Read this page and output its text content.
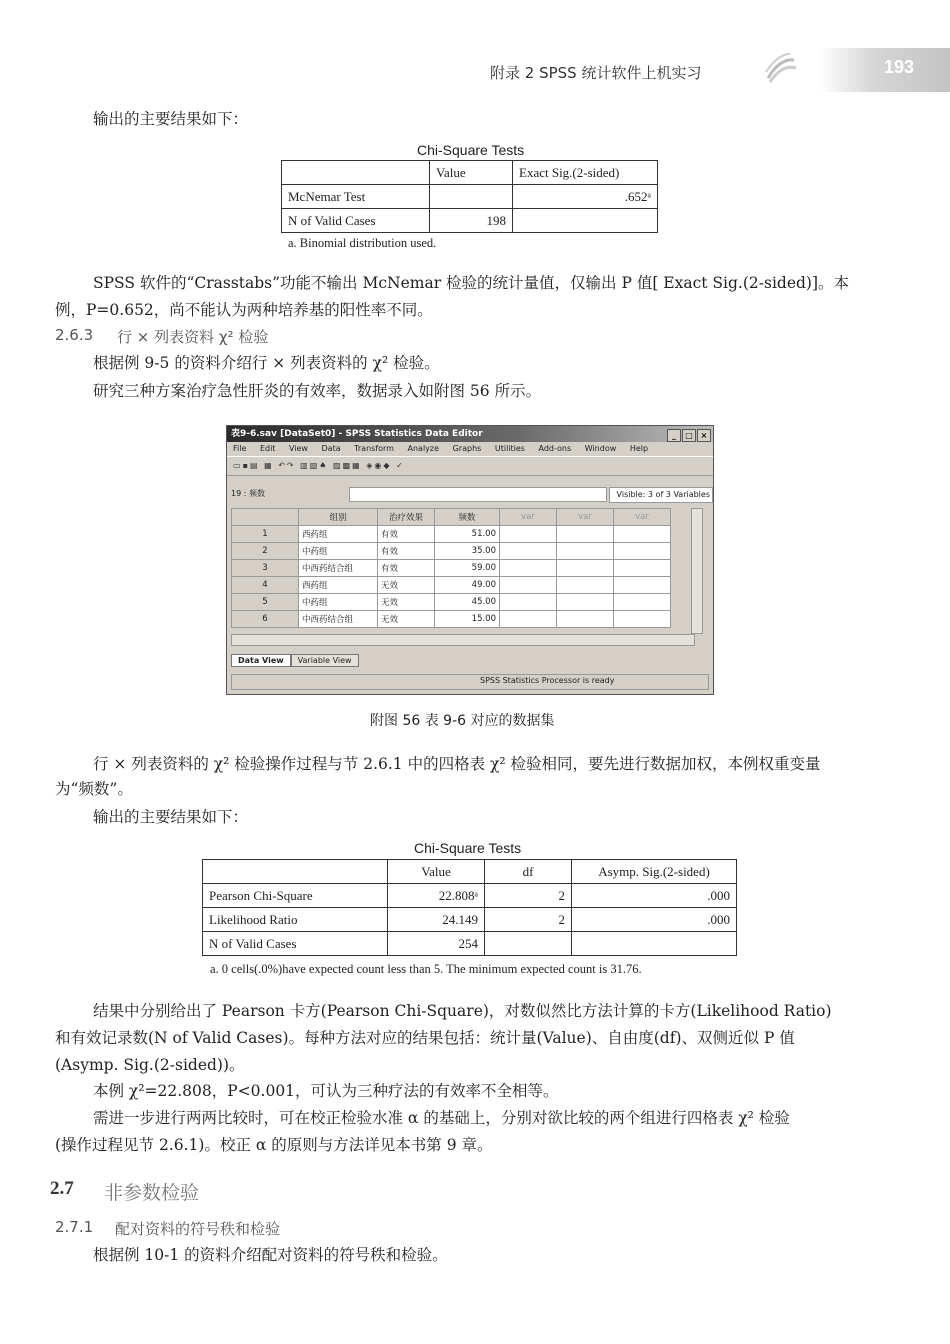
附录 2 SPSS 统计软件上机实习	193
输出的主要结果如下：
Chi-Square Tests
	Value	Exact Sig.(2-sided)
McNemar Test		.652ᵃ
N of Valid Cases	198	
a. Binomial distribution used.
SPSS 软件的“Crasstabs”功能不输出 McNemar 检验的统计量值，仅输出 P 值[ Exact Sig.(2-sided)]。本
例，P=0.652，尚不能认为两种培养基的阳性率不同。
2.6.3 行 × 列表资料 χ² 检验
根据例 9-5 的资料介绍行 × 列表资料的 χ² 检验。
研究三种方案治疗急性肝炎的有效率，数据录入如附图 56 所示。
表9-6.sav [DataSet0] - SPSS Statistics Data Editor	_ □ ×
File Edit View Data Transform Analyze Graphs Utilities Add-ons Window Help
▭▪▤ ▦ ↶↷ ▥▧♠ ▨▩▦ ◈◉◆ ✓
19 : 频数	Visible: 3 of 3 Variables
	组别	治疗效果	频数	var	var	var
1	西药组	有效	51.00			
2	中药组	有效	35.00			
3	中西药结合组	有效	59.00			
4	西药组	无效	49.00			
5	中药组	无效	45.00			
6	中西药结合组	无效	15.00			
Data View Variable View
SPSS Statistics Processor is ready
附图 56 表 9-6 对应的数据集
行 × 列表资料的 χ² 检验操作过程与节 2.6.1 中的四格表 χ² 检验相同，要先进行数据加权，本例权重变量
为“频数”。
输出的主要结果如下：
Chi-Square Tests
	Value	df	Asymp. Sig.(2-sided)
Pearson Chi-Square	22.808ᵃ	2	.000
Likelihood Ratio	24.149	2	.000
N of Valid Cases	254		
a. 0 cells(.0%)have expected count less than 5. The minimum expected count is 31.76.
结果中分别给出了 Pearson 卡方(Pearson Chi-Square)，对数似然比方法计算的卡方(Likelihood Ratio)
和有效记录数(N of Valid Cases)。每种方法对应的结果包括：统计量(Value)、自由度(df)、双侧近似 P 值
(Asymp. Sig.(2-sided))。
本例 χ²=22.808，P<0.001，可认为三种疗法的有效率不全相等。
需进一步进行两两比较时，可在校正检验水准 α 的基础上，分别对欲比较的两个组进行四格表 χ² 检验
(操作过程见节 2.6.1)。校正 α 的原则与方法详见本书第 9 章。
2.7 非参数检验
2.7.1 配对资料的符号秩和检验
根据例 10-1 的资料介绍配对资料的符号秩和检验。
